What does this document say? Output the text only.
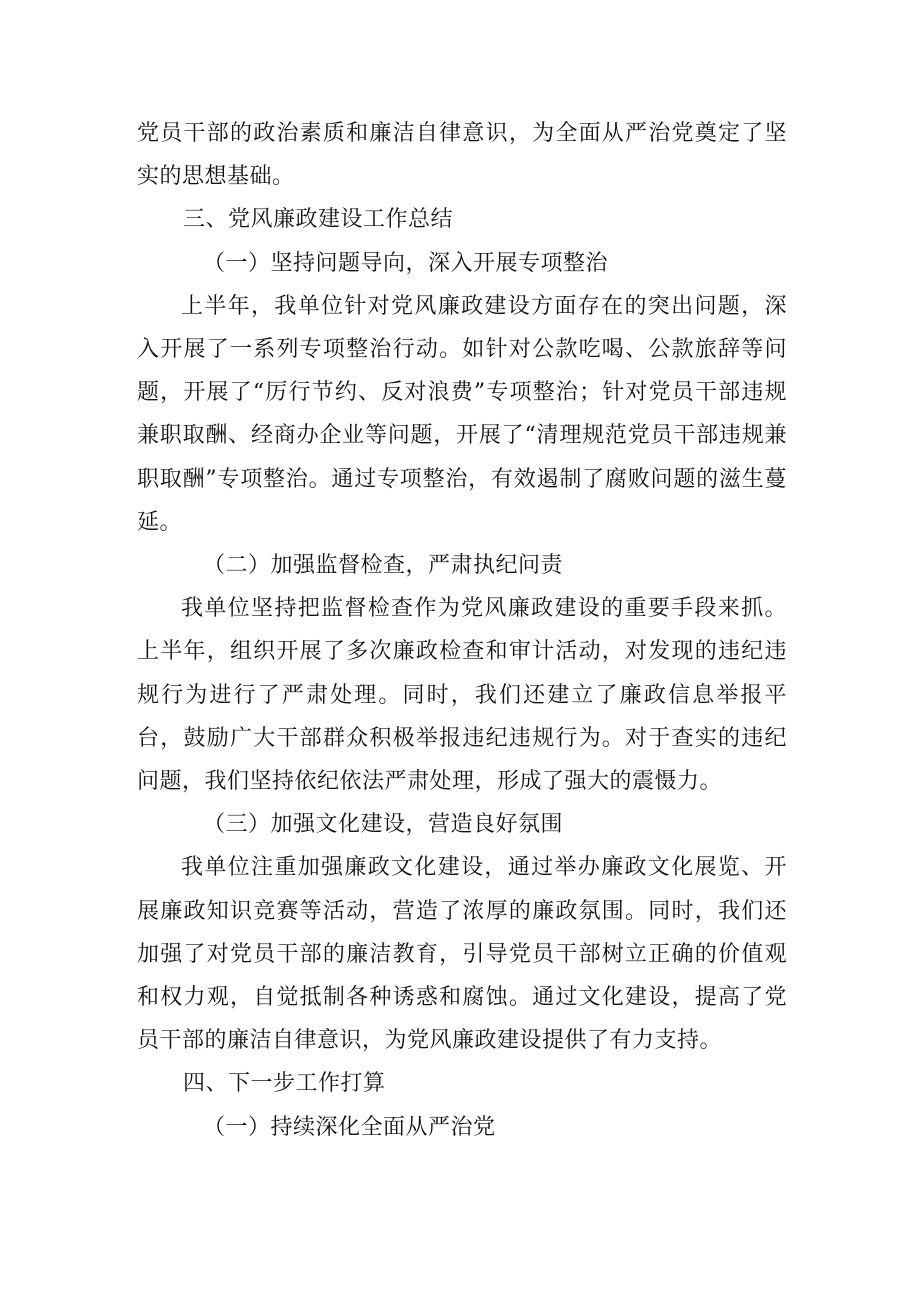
党员干部的政治素质和廉洁自律意识，为全面从严治党奠定了坚实的思想基础。

三、党风廉政建设工作总结

（一）坚持问题导向，深入开展专项整治

上半年，我单位针对党风廉政建设方面存在的突出问题，深入开展了一系列专项整治行动。如针对公款吃喝、公款旅辞等问题，开展了“厉行节约、反对浪费”专项整治；针对党员干部违规兼职取酬、经商办企业等问题，开展了“清理规范党员干部违规兼职取酬”专项整治。通过专项整治，有效遏制了腐败问题的滋生蔓延。

（二）加强监督检查，严肃执纪问责

我单位坚持把监督检查作为党风廉政建设的重要手段来抓。上半年，组织开展了多次廉政检查和审计活动，对发现的违纪违规行为进行了严肃处理。同时，我们还建立了廉政信息举报平台，鼓励广大干部群众积极举报违纪违规行为。对于查实的违纪问题，我们坚持依纪依法严肃处理，形成了强大的震慑力。

（三）加强文化建设，营造良好氛围

我单位注重加强廉政文化建设，通过举办廉政文化展览、开展廉政知识竞赛等活动，营造了浓厚的廉政氛围。同时，我们还加强了对党员干部的廉洁教育，引导党员干部树立正确的价值观和权力观，自觉抵制各种诱惑和腐蚀。通过文化建设，提高了党员干部的廉洁自律意识，为党风廉政建设提供了有力支持。

四、下一步工作打算

（一）持续深化全面从严治党
